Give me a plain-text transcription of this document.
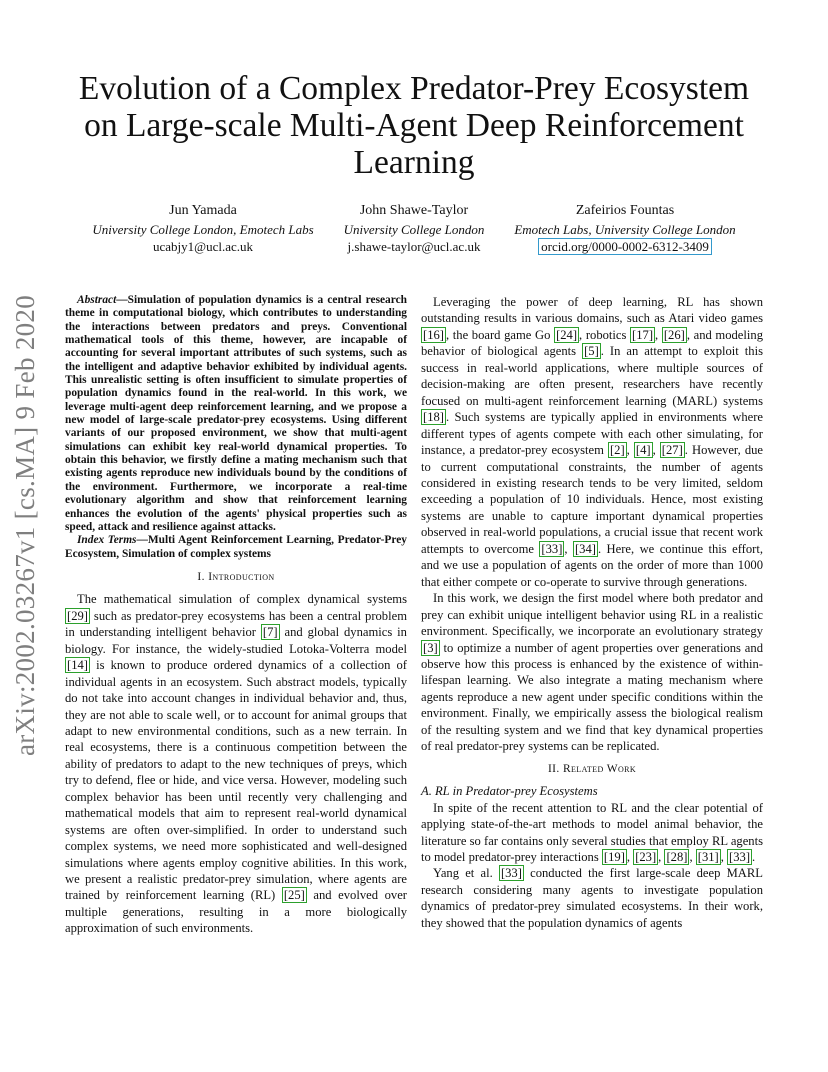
arXiv:2002.03267v1 [cs.MA] 9 Feb 2020
Evolution of a Complex Predator-Prey Ecosystem on Large-scale Multi-Agent Deep Reinforcement Learning
Jun Yamada
University College London, Emotech Labs
ucabjy1@ucl.ac.uk
John Shawe-Taylor
University College London
j.shawe-taylor@ucl.ac.uk
Zafeirios Fountas
Emotech Labs, University College London
orcid.org/0000-0002-6312-3409

Abstract—Simulation of population dynamics is a central research theme in computational biology, which contributes to understanding the interactions between predators and preys. Conventional mathematical tools of this theme, however, are incapable of accounting for several important attributes of such systems, such as the intelligent and adaptive behavior exhibited by individual agents. This unrealistic setting is often insufficient to simulate properties of population dynamics found in the real-world. In this work, we leverage multi-agent deep reinforcement learning, and we propose a new model of large-scale predator-prey ecosystems. Using different variants of our proposed environment, we show that multi-agent simulations can exhibit key real-world dynamical properties. To obtain this behavior, we firstly define a mating mechanism such that existing agents reproduce new individuals bound by the conditions of the environment. Furthermore, we incorporate a real-time evolutionary algorithm and show that reinforcement learning enhances the evolution of the agents' physical properties such as speed, attack and resilience against attacks.

Index Terms—Multi Agent Reinforcement Learning, Predator-Prey Ecosystem, Simulation of complex systems

I. Introduction

The mathematical simulation of complex dynamical systems [29] such as predator-prey ecosystems has been a central problem in understanding intelligent behavior [7] and global dynamics in biology. For instance, the widely-studied Lotoka-Volterra model [14] is known to produce ordered dynamics of a collection of individual agents in an ecosystem. Such abstract models, typically do not take into account changes in individual behavior and, thus, they are not able to scale well, or to account for animal groups that adapt to new environmental conditions, such as a new terrain. In real ecosystems, there is a continuous competition between the ability of predators to adapt to the new techniques of preys, which try to defend, flee or hide, and vice versa. However, modeling such complex behavior has been until recently very challenging and mathematical models that aim to represent real-world dynamical systems are often over-simplified. In order to understand such complex systems, we need more sophisticated and well-designed simulations where agents employ cognitive abilities. In this work, we present a realistic predator-prey simulation, where agents are trained by reinforcement learning (RL) [25] and evolved over multiple generations, resulting in a more biologically approximation of such environments.

Leveraging the power of deep learning, RL has shown outstanding results in various domains, such as Atari video games [16] , the board game Go [24] , robotics [17] , [26] , and modeling behavior of biological agents [5] . In an attempt to exploit this success in real-world applications, where multiple sources of decision-making are often present, researchers have recently focused on multi-agent reinforcement learning (MARL) systems [18] . Such systems are typically applied in environments where different types of agents compete with each other simulating, for instance, a predator-prey ecosystem [2] , [4] , [27] . However, due to current computational constraints, the number of agents considered in existing research tends to be very limited, seldom exceeding a population of 10 individuals. Hence, most existing systems are unable to capture important dynamical properties observed in real-world populations, a crucial issue that recent work attempts to overcome [33] , [34] . Here, we continue this effort, and we use a population of agents on the order of more than 1000 that either compete or co-operate to survive through generations.

In this work, we design the first model where both predator and prey can exhibit unique intelligent behavior using RL in a realistic environment. Specifically, we incorporate an evolutionary strategy [3] to optimize a number of agent properties over generations and observe how this process is enhanced by the existence of within-lifespan learning. We also integrate a mating mechanism where agents reproduce a new agent under specific conditions within the environment. Finally, we empirically assess the biological realism of the resulting system and we find that key dynamical properties of real predator-prey systems can be replicated.

II. Related Work

A. RL in Predator-prey Ecosystems

In spite of the recent attention to RL and the clear potential of applying state-of-the-art methods to model animal behavior, the literature so far contains only several studies that employ RL agents to model predator-prey interactions [19] , [23] , [28] , [31] , [33] .

Yang et al. [33] conducted the first large-scale deep MARL research considering many agents to investigate population dynamics of predator-prey simulated ecosystems. In their work, they showed that the population dynamics of agents
